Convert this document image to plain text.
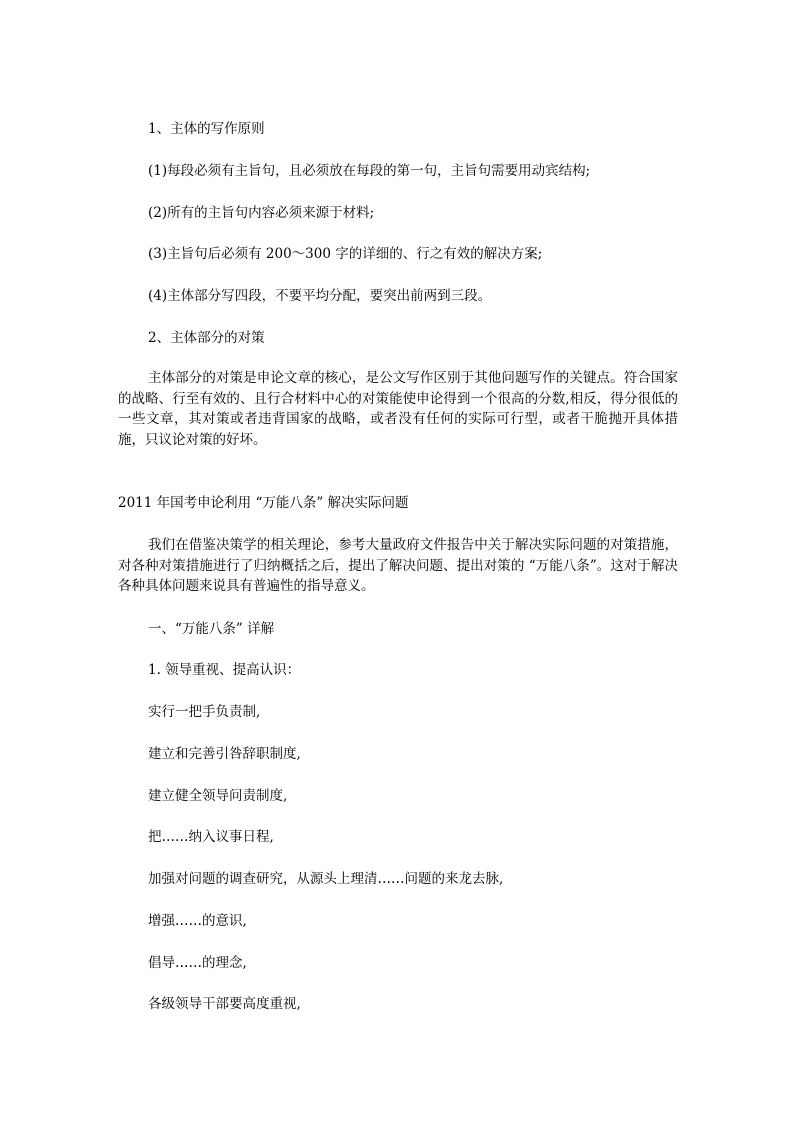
1、主体的写作原则

(1)每段必须有主旨句，且必须放在每段的第一句，主旨句需要用动宾结构;

(2)所有的主旨句内容必须来源于材料;

(3)主旨句后必须有 200～300 字的详细的、行之有效的解决方案;

(4)主体部分写四段，不要平均分配，要突出前两到三段。

2、主体部分的对策

主体部分的对策是申论文章的核心，是公文写作区别于其他问题写作的关键点。符合国家的战略、行至有效的、且行合材料中心的对策能使申论得到一个很高的分数,相反，得分很低的一些文章，其对策或者违背国家的战略，或者没有任何的实际可行型，或者干脆抛开具体措施，只议论对策的好坏。

2011 年国考申论利用 “万能八条” 解决实际问题

我们在借鉴决策学的相关理论，参考大量政府文件报告中关于解决实际问题的对策措施，对各种对策措施进行了归纳概括之后，提出了解决问题、提出对策的 “万能八条”。这对于解决各种具体问题来说具有普遍性的指导意义。

一、“万能八条” 详解

1. 领导重视、提高认识：

实行一把手负责制,

建立和完善引咎辞职制度,

建立健全领导问责制度,

把……纳入议事日程,

加强对问题的调查研究，从源头上理清……问题的来龙去脉,

增强……的意识,

倡导……的理念,

各级领导干部要高度重视,
